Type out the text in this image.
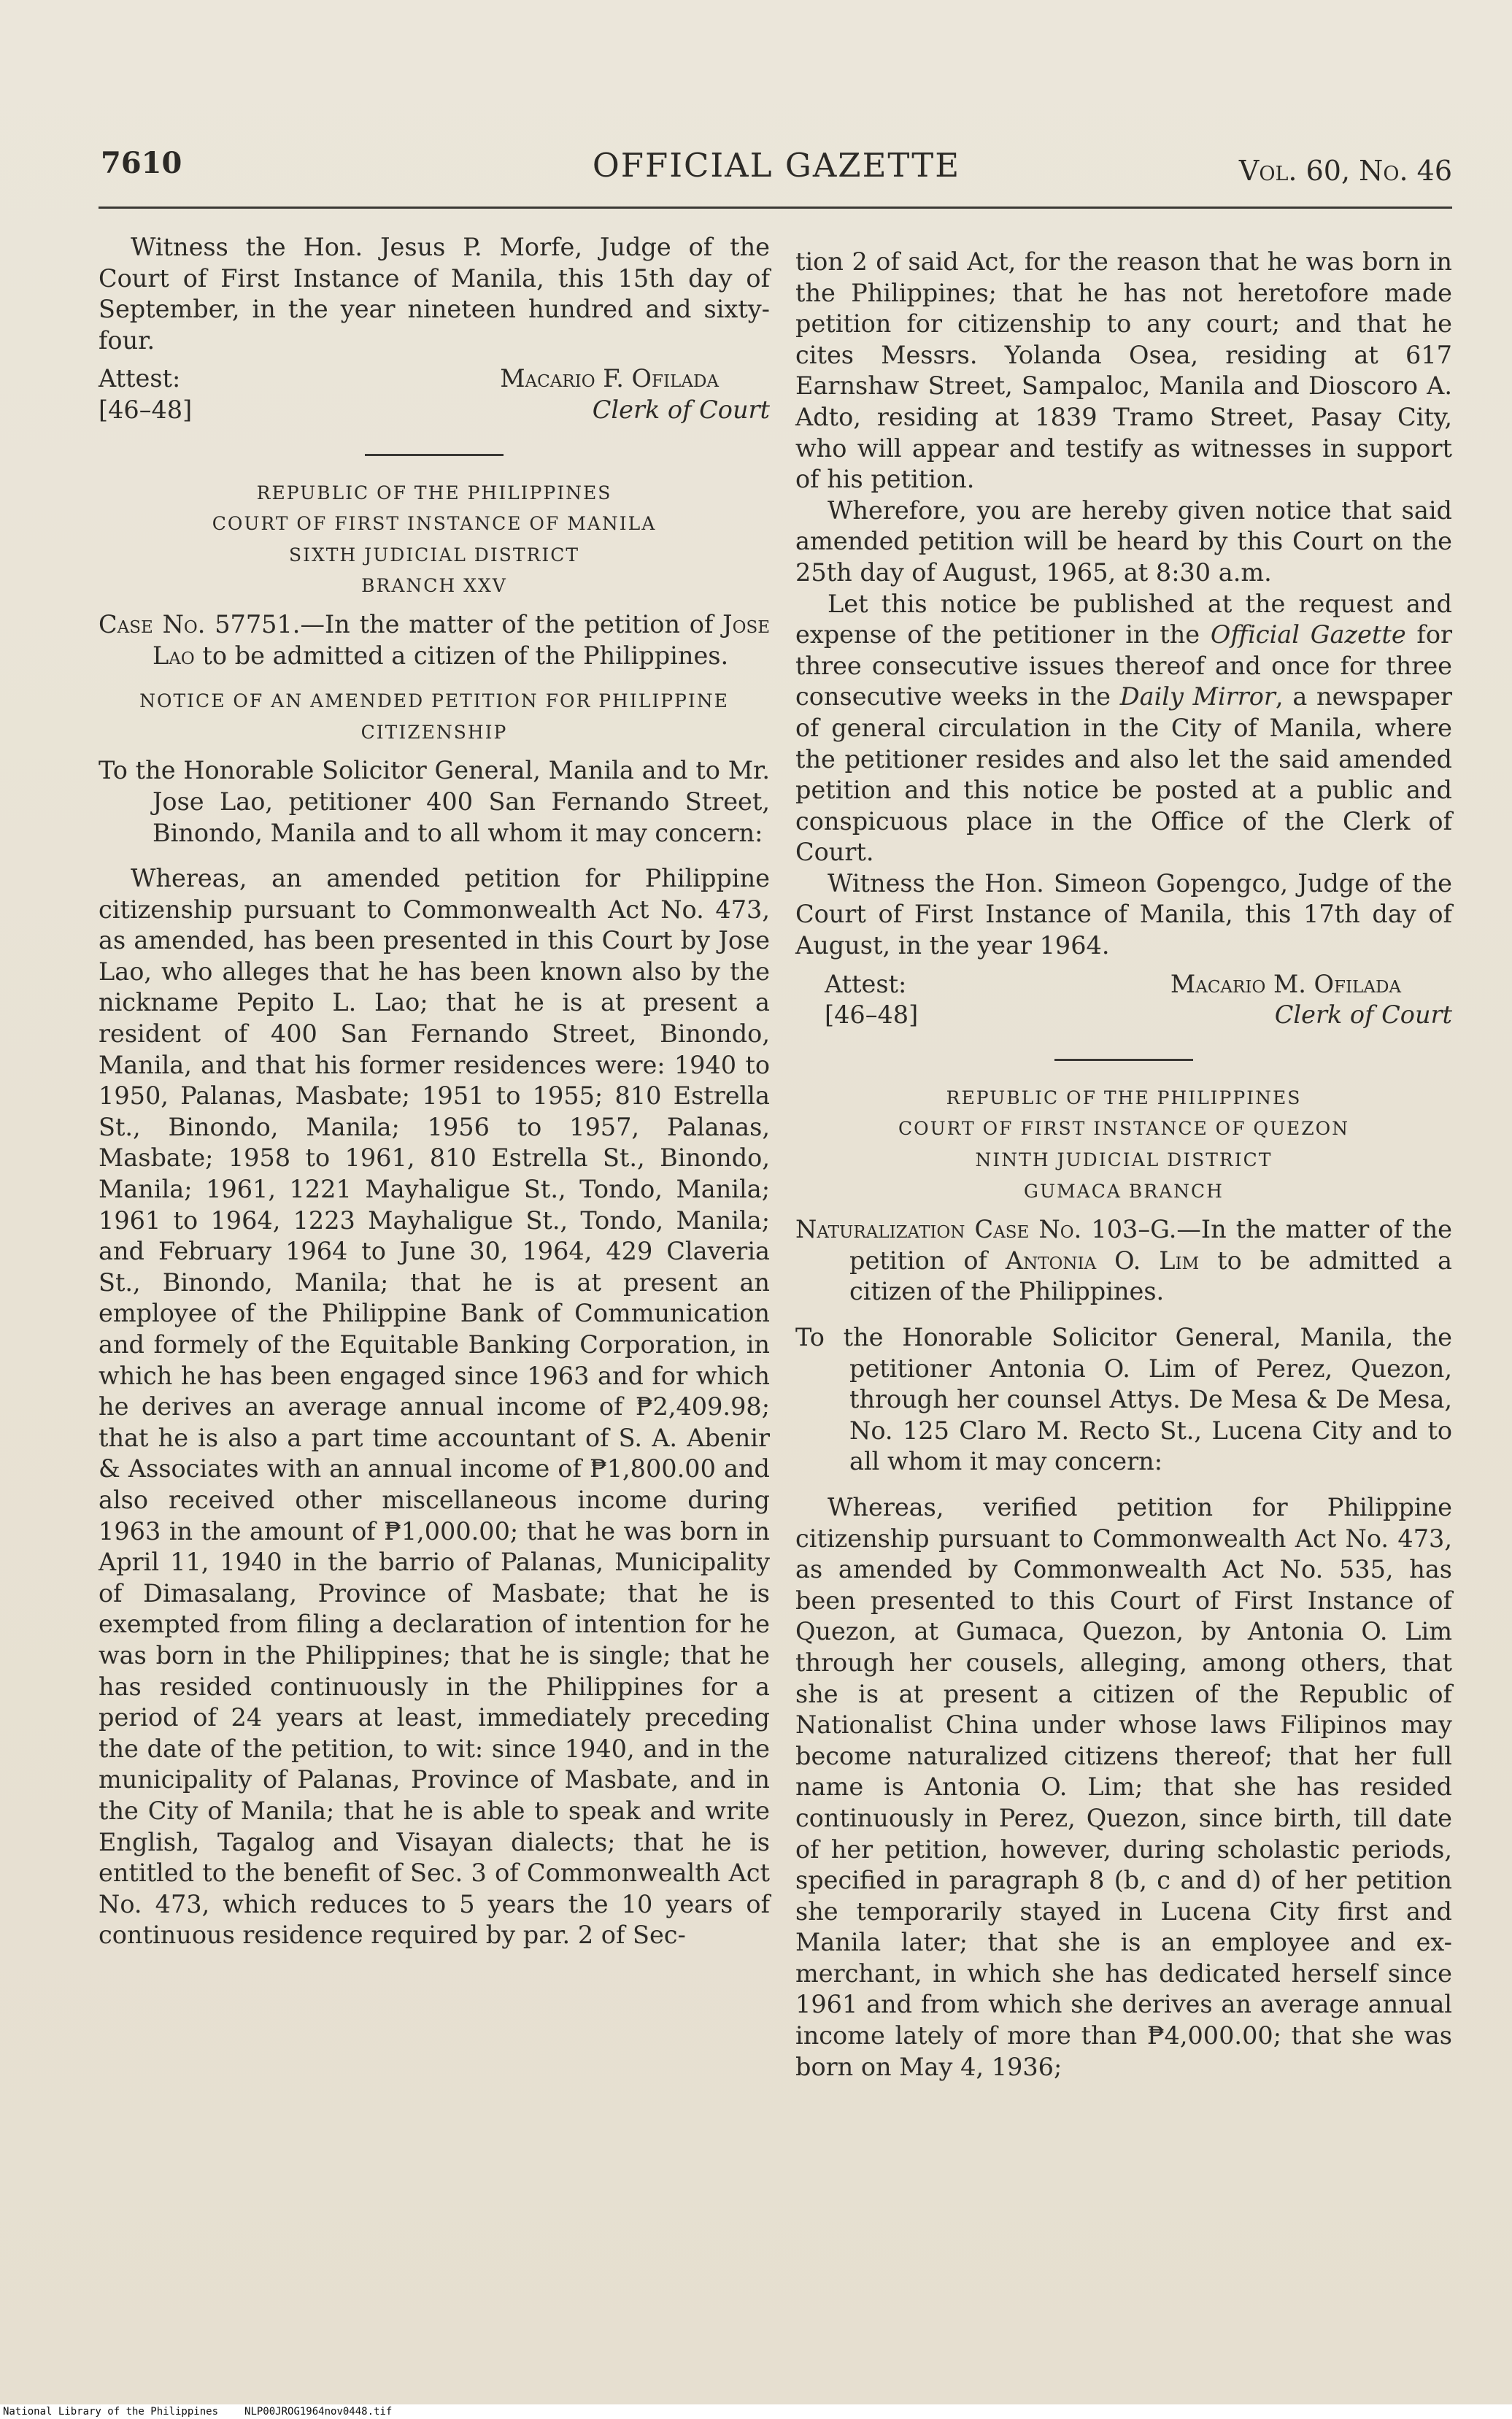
7610	OFFICIAL GAZETTE	Vol. 60, No. 46

Witness the Hon. Jesus P. Morfe, Judge of the Court of First Instance of Manila, this 15th day of September, in the year nineteen hundred and sixty-four.

Attest:
[46–48]
Macario F. Ofilada
Clerk of Court

REPUBLIC OF THE PHILIPPINES

COURT OF FIRST INSTANCE OF MANILA

SIXTH JUDICIAL DISTRICT

BRANCH XXV

Case No. 57751.—In the matter of the petition of Jose Lao to be admitted a citizen of the Philippines.

NOTICE OF AN AMENDED PETITION FOR PHILIPPINE CITIZENSHIP

To the Honorable Solicitor General, Manila and to Mr. Jose Lao, petitioner 400 San Fernando Street, Binondo, Manila and to all whom it may concern:

Whereas, an amended petition for Philippine citizenship pursuant to Commonwealth Act No. 473, as amended, has been presented in this Court by Jose Lao, who alleges that he has been known also by the nickname Pepito L. Lao; that he is at present a resident of 400 San Fernando Street, Binondo, Manila, and that his former residences were: 1940 to 1950, Palanas, Masbate; 1951 to 1955; 810 Estrella St., Binondo, Manila; 1956 to 1957, Palanas, Masbate; 1958 to 1961, 810 Estrella St., Binondo, Manila; 1961, 1221 Mayhaligue St., Tondo, Manila; 1961 to 1964, 1223 Mayhaligue St., Tondo, Manila; and February 1964 to June 30, 1964, 429 Claveria St., Binondo, Manila; that he is at present an employee of the Philippine Bank of Communication and formely of the Equitable Banking Corporation, in which he has been engaged since 1963 and for which he derives an average annual income of ₱2,409.98; that he is also a part time accountant of S. A. Abenir & Associates with an annual income of ₱1,800.00 and also received other miscellaneous income during 1963 in the amount of ₱1,000.00; that he was born in April 11, 1940 in the barrio of Palanas, Municipality of Dimasalang, Province of Masbate; that he is exempted from filing a declaration of intention for he was born in the Philippines; that he is single; that he has resided continuously in the Philippines for a period of 24 years at least, immediately preceding the date of the petition, to wit: since 1940, and in the municipality of Palanas, Province of Masbate, and in the City of Manila; that he is able to speak and write English, Tagalog and Visayan dialects; that he is entitled to the benefit of Sec. 3 of Commonwealth Act No. 473, which reduces to 5 years the 10 years of continuous residence required by par. 2 of Sec-

tion 2 of said Act, for the reason that he was born in the Philippines; that he has not heretofore made petition for citizenship to any court; and that he cites Messrs. Yolanda Osea, residing at 617 Earnshaw Street, Sampaloc, Manila and Dioscoro A. Adto, residing at 1839 Tramo Street, Pasay City, who will appear and testify as witnesses in support of his petition.

Wherefore, you are hereby given notice that said amended petition will be heard by this Court on the 25th day of August, 1965, at 8:30 a.m.

Let this notice be published at the request and expense of the petitioner in the Official Gazette for three consecutive issues thereof and once for three consecutive weeks in the Daily Mirror, a newspaper of general circulation in the City of Manila, where the petitioner resides and also let the said amended petition and this notice be posted at a public and conspicuous place in the Office of the Clerk of Court.

Witness the Hon. Simeon Gopengco, Judge of the Court of First Instance of Manila, this 17th day of August, in the year 1964.

Attest:
[46–48]
Macario M. Ofilada
Clerk of Court

REPUBLIC OF THE PHILIPPINES

COURT OF FIRST INSTANCE OF QUEZON

NINTH JUDICIAL DISTRICT

GUMACA BRANCH

Naturalization Case No. 103–G.—In the matter of the petition of Antonia O. Lim to be admitted a citizen of the Philippines.

To the Honorable Solicitor General, Manila, the petitioner Antonia O. Lim of Perez, Quezon, through her counsel Attys. De Mesa & De Mesa, No. 125 Claro M. Recto St., Lucena City and to all whom it may concern:

Whereas, verified petition for Philippine citizenship pursuant to Commonwealth Act No. 473, as amended by Commonwealth Act No. 535, has been presented to this Court of First Instance of Quezon, at Gumaca, Quezon, by Antonia O. Lim through her cousels, alleging, among others, that she is at present a citizen of the Republic of Nationalist China under whose laws Filipinos may become naturalized citizens thereof; that her full name is Antonia O. Lim; that she has resided continuously in Perez, Quezon, since birth, till date of her petition, however, during scholastic periods, specified in paragraph 8 (b, c and d) of her petition she temporarily stayed in Lucena City first and Manila later; that she is an employee and ex-merchant, in which she has dedicated herself since 1961 and from which she derives an average annual income lately of more than ₱4,000.00; that she was born on May 4, 1936;

National Library of the Philippines	NLP00JROG1964nov0448.tif
